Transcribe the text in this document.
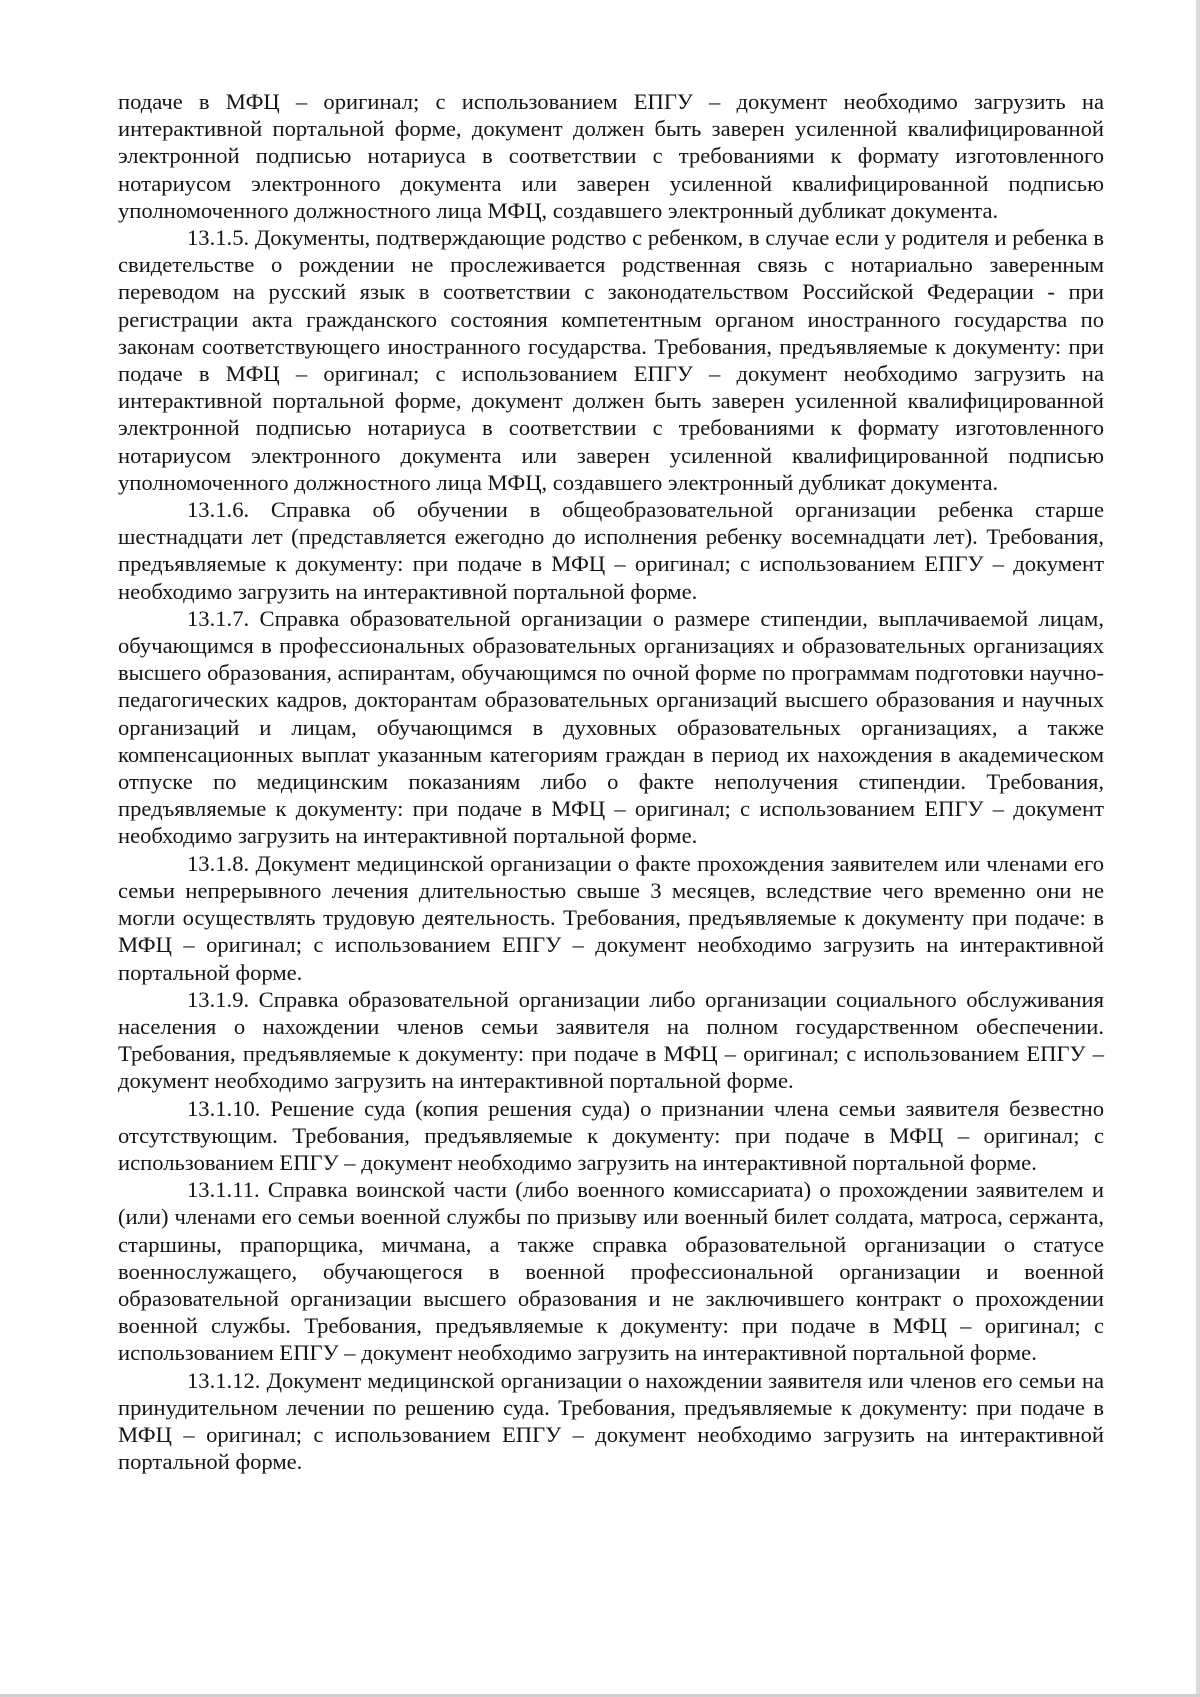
подаче в МФЦ – оригинал; с использованием ЕПГУ – документ необходимо загрузить на интерактивной портальной форме, документ должен быть заверен усиленной квалифицированной электронной подписью нотариуса в соответствии с требованиями к формату изготовленного нотариусом электронного документа или заверен усиленной квалифицированной подписью уполномоченного должностного лица МФЦ, создавшего электронный дубликат документа.

13.1.5. Документы, подтверждающие родство с ребенком, в случае если у родителя и ребенка в свидетельстве о рождении не прослеживается родственная связь с нотариально заверенным переводом на русский язык в соответствии с законодательством Российской Федерации - при регистрации акта гражданского состояния компетентным органом иностранного государства по законам соответствующего иностранного государства. Требования, предъявляемые к документу: при подаче в МФЦ – оригинал; с использованием ЕПГУ – документ необходимо загрузить на интерактивной портальной форме, документ должен быть заверен усиленной квалифицированной электронной подписью нотариуса в соответствии с требованиями к формату изготовленного нотариусом электронного документа или заверен усиленной квалифицированной подписью уполномоченного должностного лица МФЦ, создавшего электронный дубликат документа.

13.1.6. Справка об обучении в общеобразовательной организации ребенка старше шестнадцати лет (представляется ежегодно до исполнения ребенку восемнадцати лет). Требования, предъявляемые к документу: при подаче в МФЦ – оригинал; с использованием ЕПГУ – документ необходимо загрузить на интерактивной портальной форме.

13.1.7. Справка образовательной организации о размере стипендии, выплачиваемой лицам, обучающимся в профессиональных образовательных организациях и образовательных организациях высшего образования, аспирантам, обучающимся по очной форме по программам подготовки научно-педагогических кадров, докторантам образовательных организаций высшего образования и научных организаций и лицам, обучающимся в духовных образовательных организациях, а также компенсационных выплат указанным категориям граждан в период их нахождения в академическом отпуске по медицинским показаниям либо о факте неполучения стипендии. Требования, предъявляемые к документу: при подаче в МФЦ – оригинал; с использованием ЕПГУ – документ необходимо загрузить на интерактивной портальной форме.

13.1.8. Документ медицинской организации о факте прохождения заявителем или членами его семьи непрерывного лечения длительностью свыше 3 месяцев, вследствие чего временно они не могли осуществлять трудовую деятельность. Требования, предъявляемые к документу при подаче: в МФЦ – оригинал; с использованием ЕПГУ – документ необходимо загрузить на интерактивной портальной форме.

13.1.9. Справка образовательной организации либо организации социального обслуживания населения о нахождении членов семьи заявителя на полном государственном обеспечении. Требования, предъявляемые к документу: при подаче в МФЦ – оригинал; с использованием ЕПГУ – документ необходимо загрузить на интерактивной портальной форме.

13.1.10. Решение суда (копия решения суда) о признании члена семьи заявителя безвестно отсутствующим. Требования, предъявляемые к документу: при подаче в МФЦ – оригинал; с использованием ЕПГУ – документ необходимо загрузить на интерактивной портальной форме.

13.1.11. Справка воинской части (либо военного комиссариата) о прохождении заявителем и (или) членами его семьи военной службы по призыву или военный билет солдата, матроса, сержанта, старшины, прапорщика, мичмана, а также справка образовательной организации о статусе военнослужащего, обучающегося в военной профессиональной организации и военной образовательной организации высшего образования и не заключившего контракт о прохождении военной службы. Требования, предъявляемые к документу: при подаче в МФЦ – оригинал; с использованием ЕПГУ – документ необходимо загрузить на интерактивной портальной форме.

13.1.12. Документ медицинской организации о нахождении заявителя или членов его семьи на принудительном лечении по решению суда. Требования, предъявляемые к документу: при подаче в МФЦ – оригинал; с использованием ЕПГУ – документ необходимо загрузить на интерактивной портальной форме.
